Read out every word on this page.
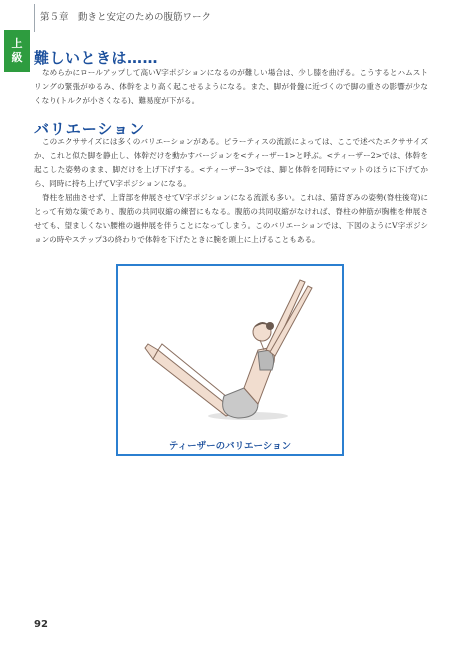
第５章　動きと安定のための腹筋ワーク
上
級 難しいときは……

なめらかにロールアップして高いV字ポジションになるのが難しい場合は、少し膝を曲げる。こうするとハムストリングの緊張がゆるみ、体幹をより高く起こせるようになる。また、脚が骨盤に近づくので脚の重さの影響が少なくなり(トルクが小さくなる)、難易度が下がる。

バリエーション

このエクササイズには多くのバリエーションがある。ピラーティスの流派によっては、ここで述べたエクササイズか、これと似た脚を静止し、体幹だけを動かすバージョンを<ティーザー1>と呼ぶ。<ティーザー2>では、体幹を起こした姿勢のまま、脚だけを上げ下げする。<ティーザー3>では、脚と体幹を同時にマットのほうに下げてから、同時に持ち上げてV字ポジションになる。

脊柱を屈曲させず、上背部を伸展させてV字ポジションになる流派も多い。これは、猫背ぎみの姿勢(脊柱後弯)にとって有効な策であり、腹筋の共同収縮の練習にもなる。腹筋の共同収縮がなければ、脊柱の伸筋が胸椎を伸展させても、望ましくない腰椎の過伸展を伴うことになってしまう。このバリエーションでは、下図のようにV字ポジションの時やステップ3の終わりで体幹を下げたときに腕を頭上に上げることもある。

ティーザーのバリエーション
92
